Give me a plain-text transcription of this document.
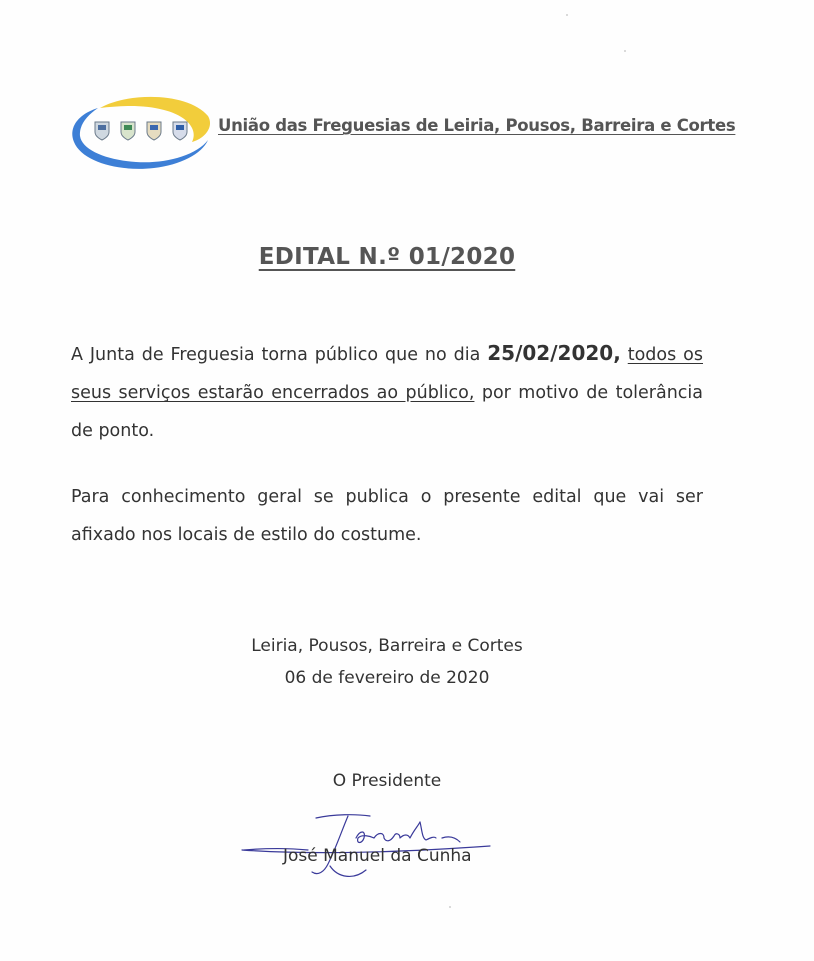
União das Freguesias de Leiria, Pousos, Barreira e Cortes
EDITAL N.º 01/2020

A Junta de Freguesia torna público que no dia 25/02/2020, todos os seus serviços estarão encerrados ao público, por motivo de tolerância de ponto.

Para conhecimento geral se publica o presente edital que vai ser afixado nos locais de estilo do costume.

Leiria, Pousos, Barreira e Cortes
06 de fevereiro de 2020
O Presidente
José Manuel da Cunha
